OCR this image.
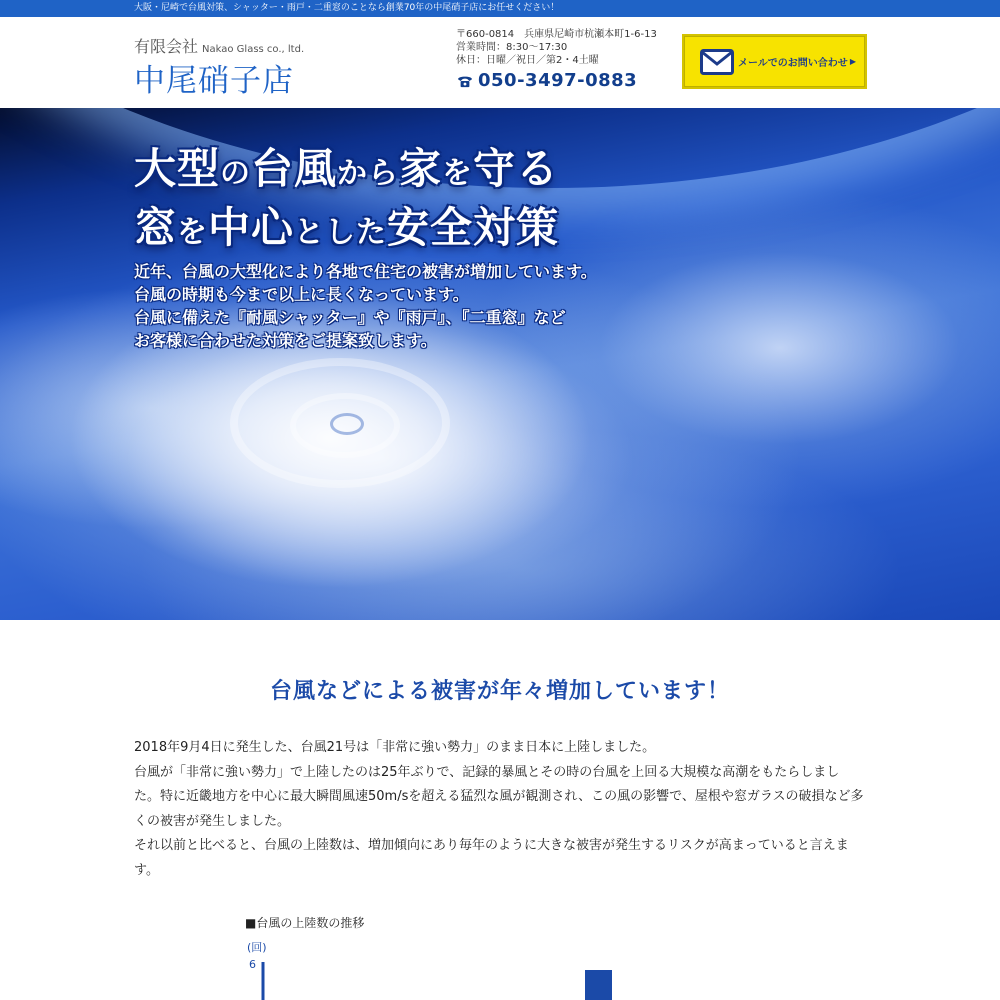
大阪・尼崎で台風対策、シャッター・雨戸・二重窓のことなら創業70年の中尾硝子店にお任せください！
有限会社 Nakao Glass co., ltd.
中尾硝子店
〒660-0814　兵庫県尼崎市杭瀬本町1-6-13
営業時間：8:30〜17:30
休日：日曜／祝日／第2・4土曜
050-3497-0883
メールでのお問い合わせ ▶
大型の台風から家を守る
窓を中心とした安全対策
近年、台風の大型化により各地で住宅の被害が増加しています。
台風の時期も今まで以上に長くなっています。
台風に備えた『耐風シャッター』や『雨戸』、『二重窓』など
お客様に合わせた対策をご提案致します。
台風などによる被害が年々増加しています！

2018年9月4日に発生した、台風21号は「非常に強い勢力」のまま日本に上陸しました。

台風が「非常に強い勢力」で上陸したのは25年ぶりで、記録的暴風とその時の台風を上回る大規模な高潮をもたらしました。特に近畿地方を中心に最大瞬間風速50m/sを超える猛烈な風が観測され、この風の影響で、屋根や窓ガラスの破損など多くの被害が発生しました。

それ以前と比べると、台風の上陸数は、増加傾向にあり毎年のように大きな被害が発生するリスクが高まっていると言えます。

■台風の上陸数の推移
(回)
6
